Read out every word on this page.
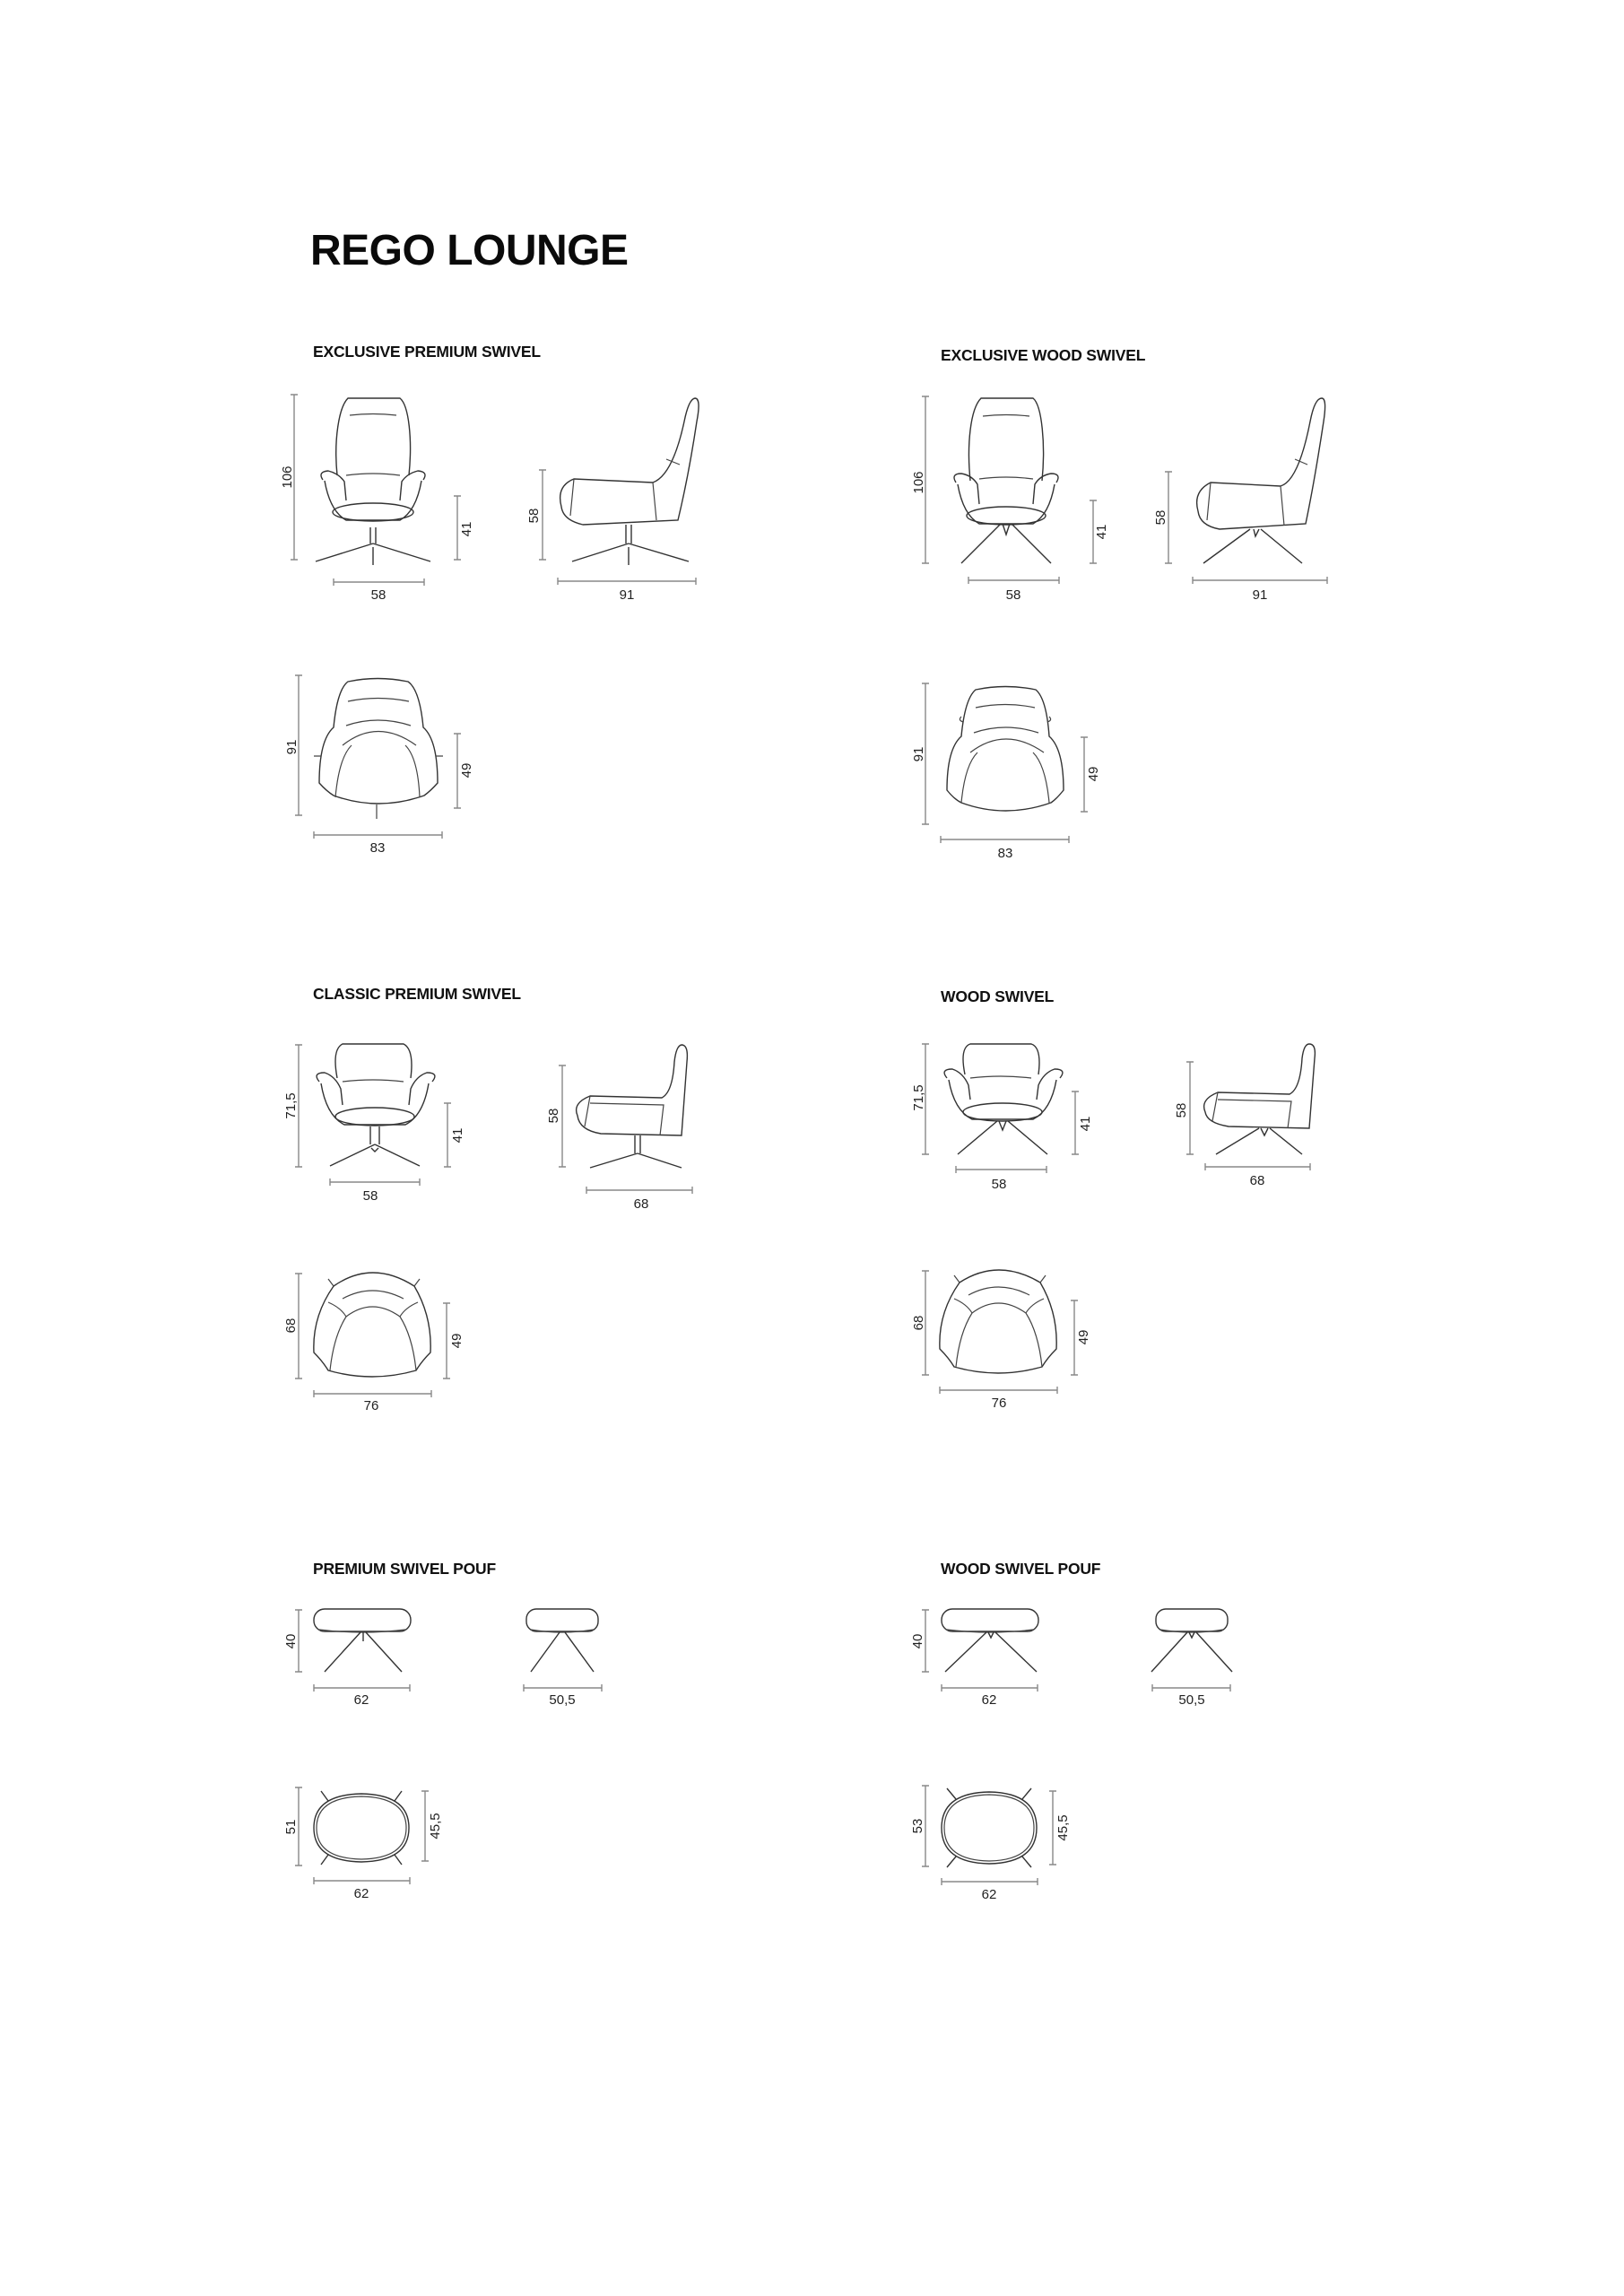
REGO LOUNGE
EXCLUSIVE PREMIUM SWIVEL
106
58
41
58
91
91
83
49
EXCLUSIVE WOOD SWIVEL
106
58
41
58
91
91
83
49
CLASSIC PREMIUM SWIVEL
71,5
58
41
58
68
68
76
49
WOOD SWIVEL
71,5
58
41
58
68
68
76
49
PREMIUM SWIVEL POUF
40
62	50,5
51
62
45,5
WOOD SWIVEL POUF
40
62	50,5
53
62
45,5
